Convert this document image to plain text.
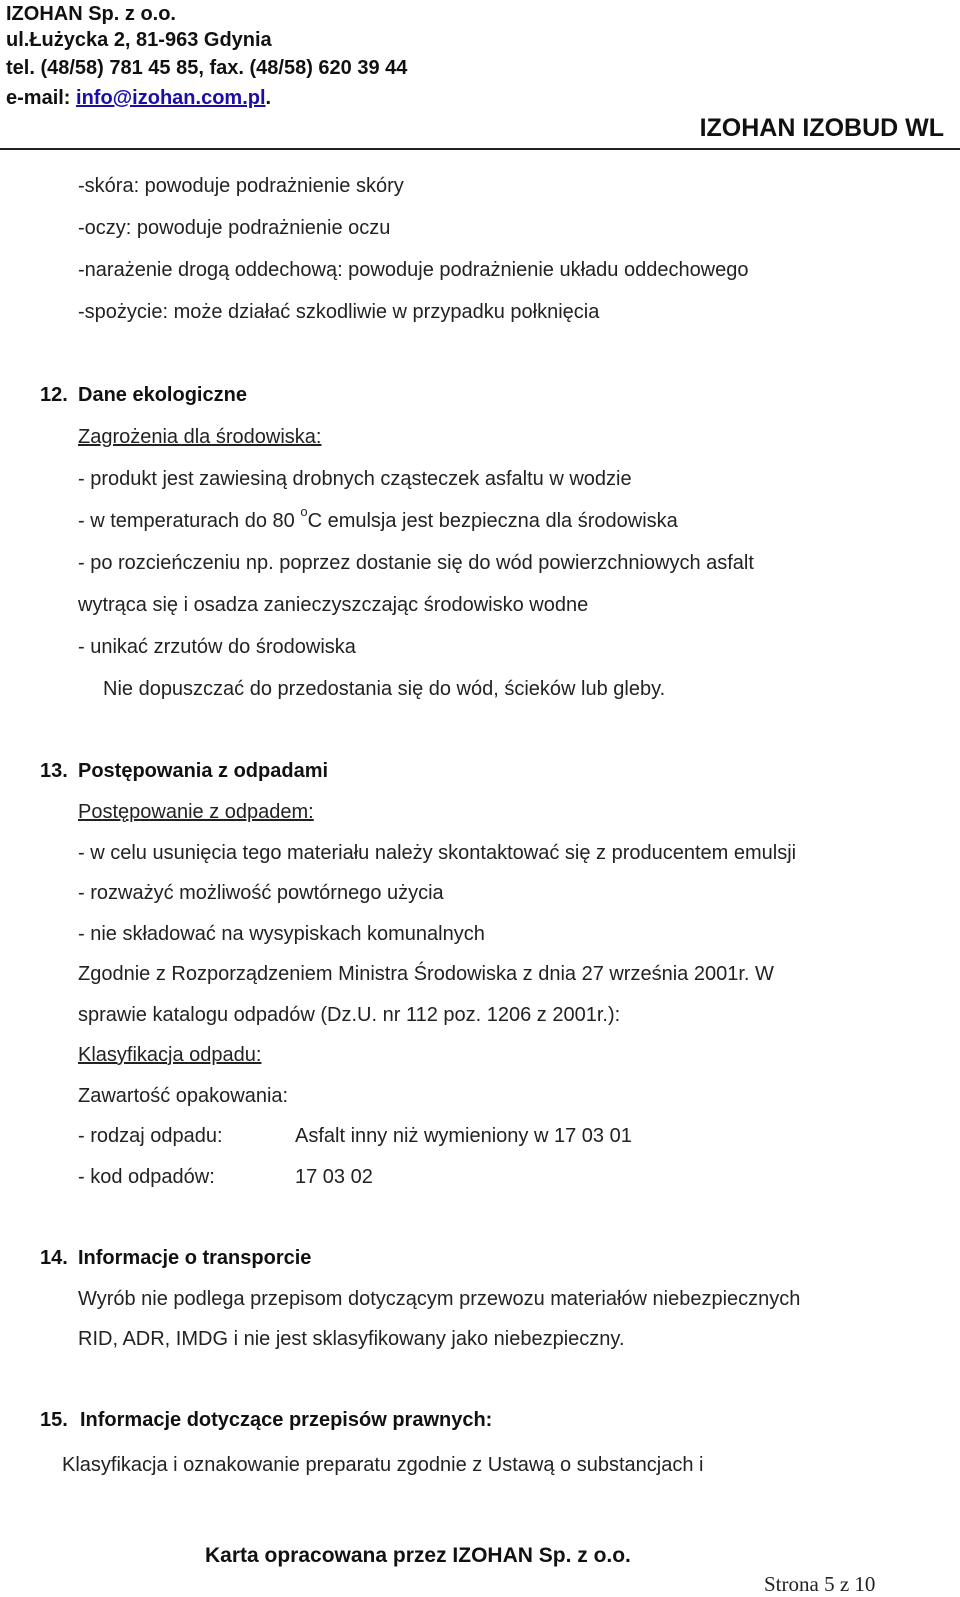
IZOHAN Sp. z o.o.
ul.Łużycka 2, 81-963 Gdynia
tel. (48/58) 781 45 85, fax. (48/58) 620 39 44
e-mail: info@izohan.com.pl.
IZOHAN IZOBUD WL
-skóra: powoduje podrażnienie skóry
-oczy: powoduje podrażnienie oczu
-narażenie drogą oddechową: powoduje podrażnienie układu oddechowego
-spożycie: może działać szkodliwie w przypadku połknięcia
12. Dane ekologiczne
Zagrożenia dla środowiska:
- produkt jest zawiesiną drobnych cząsteczek asfaltu w wodzie
- w temperaturach do 80 $^o$C emulsja jest bezpieczna dla środowiska
- po rozcieńczeniu np. poprzez dostanie się do wód powierzchniowych asfalt
wytrąca się i osadza zanieczyszczając środowisko wodne
- unikać zrzutów do środowiska
Nie dopuszczać do przedostania się do wód, ścieków lub gleby.
13. Postępowania z odpadami
Postępowanie z odpadem:
- w celu usunięcia tego materiału należy skontaktować się z producentem emulsji
- rozważyć możliwość powtórnego użycia
- nie składować na wysypiskach komunalnych
Zgodnie z Rozporządzeniem Ministra Środowiska z dnia 27 września 2001r. W
sprawie katalogu odpadów (Dz.U. nr 112 poz. 1206 z 2001r.):
Klasyfikacja odpadu:
Zawartość opakowania:
- rodzaj odpadu:	Asfalt inny niż wymieniony w 17 03 01
- kod odpadów:	17 03 02
14. Informacje o transporcie
Wyrób nie podlega przepisom dotyczącym przewozu materiałów niebezpiecznych
RID, ADR, IMDG i nie jest sklasyfikowany jako niebezpieczny.
15. Informacje dotyczące przepisów prawnych:
Klasyfikacja i oznakowanie preparatu zgodnie z Ustawą o substancjach i
Karta opracowana przez IZOHAN Sp. z o.o.
Strona 5 z 10
